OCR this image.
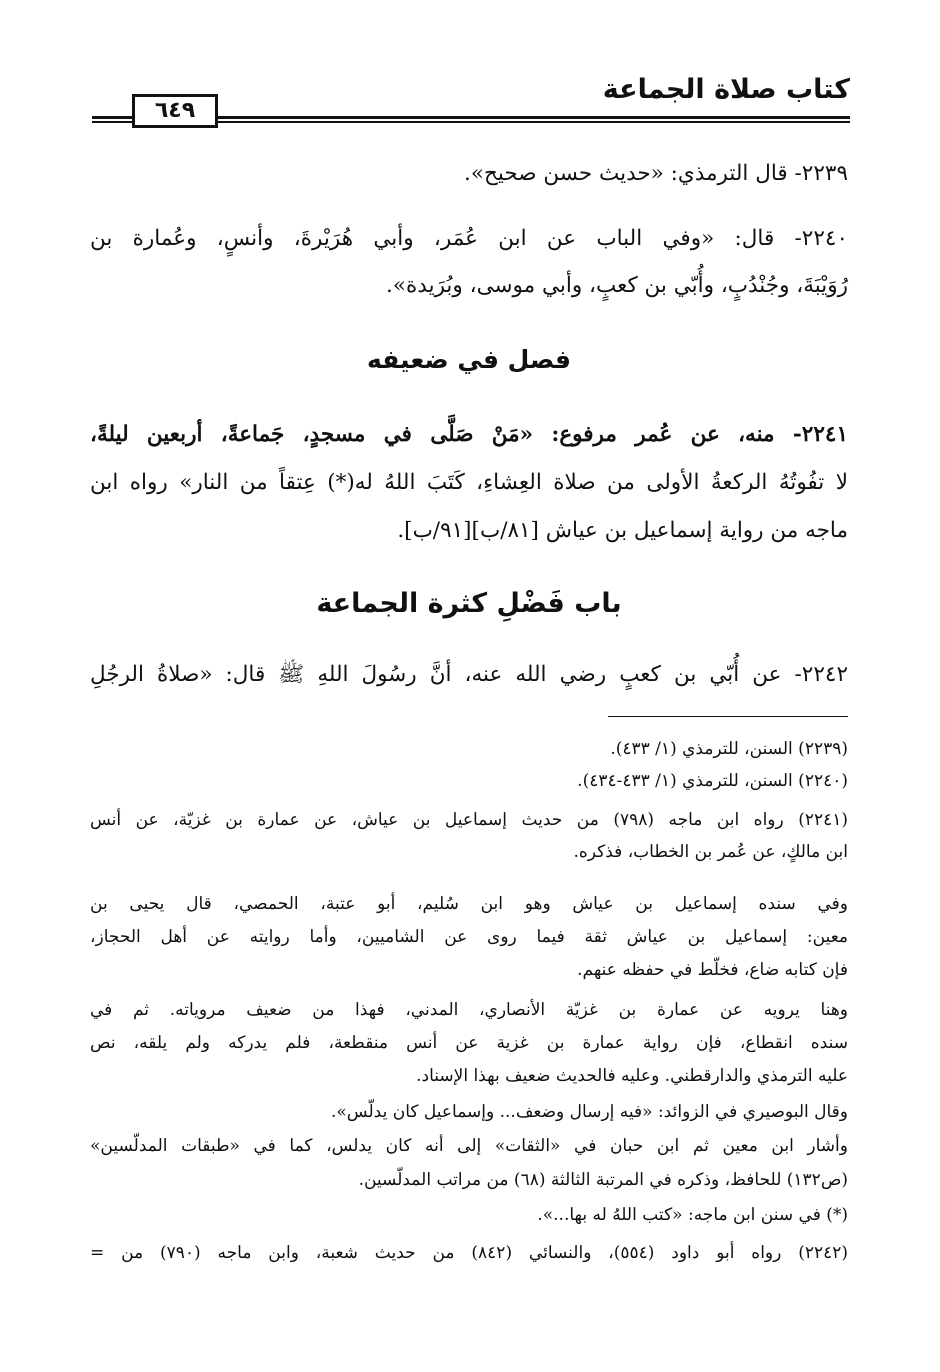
كتاب صلاة الجماعة
٦٤٩
٢٢٣٩- قال الترمذي: «حديث حسن صحيح».
٢٢٤٠- قال: «وفي الباب عن ابن عُمَر، وأبي هُرَيْرةَ، وأنسٍ، وعُمارة بن
رُوَيْبَةَ، وجُنْدُبٍ، وأُبّي بن كعبٍ، وأبي موسى، وبُرَيدة».
فصل في ضعيفه
٢٢٤١- منه، عن عُمر مرفوع: «مَنْ صَلَّى في مسجدٍ، جَماعةً، أربعين ليلةً،
لا تفُوتُهُ الركعةُ الأولى من صلاة العِشاءِ، كَتَبَ اللهُ له(*) عِتقاً من النار» رواه ابن
ماجه من رواية إسماعيل بن عياش [٨١/ب][٩١/ب].
باب فَضْلِ كثرة الجماعة
٢٢٤٢- عن أُبّي بن كعبٍ رضي الله عنه، أنَّ رسُولَ اللهِ ﷺ قال: «صلاةُ الرجُلِ
(٢٢٣٩) السنن، للترمذي (١/ ٤٣٣).
(٢٢٤٠) السنن، للترمذي (١/ ٤٣٣-٤٣٤).
(٢٢٤١) رواه ابن ماجه (٧٩٨) من حديث إسماعيل بن عياش، عن عمارة بن غزيّة، عن أنس
ابن مالكٍ، عن عُمر بن الخطاب، فذكره.
وفي سنده إسماعيل بن عياش وهو ابن سُليم، أبو عتبة، الحمصي، قال يحيى بن
معين: إسماعيل بن عياش ثقة فيما روى عن الشاميين، وأما روايته عن أهل الحجاز،
فإن كتابه ضاع، فخلّط في حفظه عنهم.
وهنا يرويه عن عمارة بن غزيّة الأنصاري، المدني، فهذا من ضعيف مروياته. ثم في
سنده انقطاع، فإن رواية عمارة بن غزية عن أنس منقطعة، فلم يدركه ولم يلقه، نص
عليه الترمذي والدارقطني. وعليه فالحديث ضعيف بهذا الإسناد.
وقال البوصيري في الزوائد: «فيه إرسال وضعف... وإسماعيل كان يدلّس».
وأشار ابن معين ثم ابن حبان في «الثقات» إلى أنه كان يدلس، كما في «طبقات المدلّسين»
(ص١٣٢) للحافظ، وذكره في المرتبة الثالثة (٦٨) من مراتب المدلّسين.
(*) في سنن ابن ماجه: «كتب اللهُ له بها...».
(٢٢٤٢) رواه أبو داود (٥٥٤)، والنسائي (٨٤٢) من حديث شعبة، وابن ماجه (٧٩٠) من =
